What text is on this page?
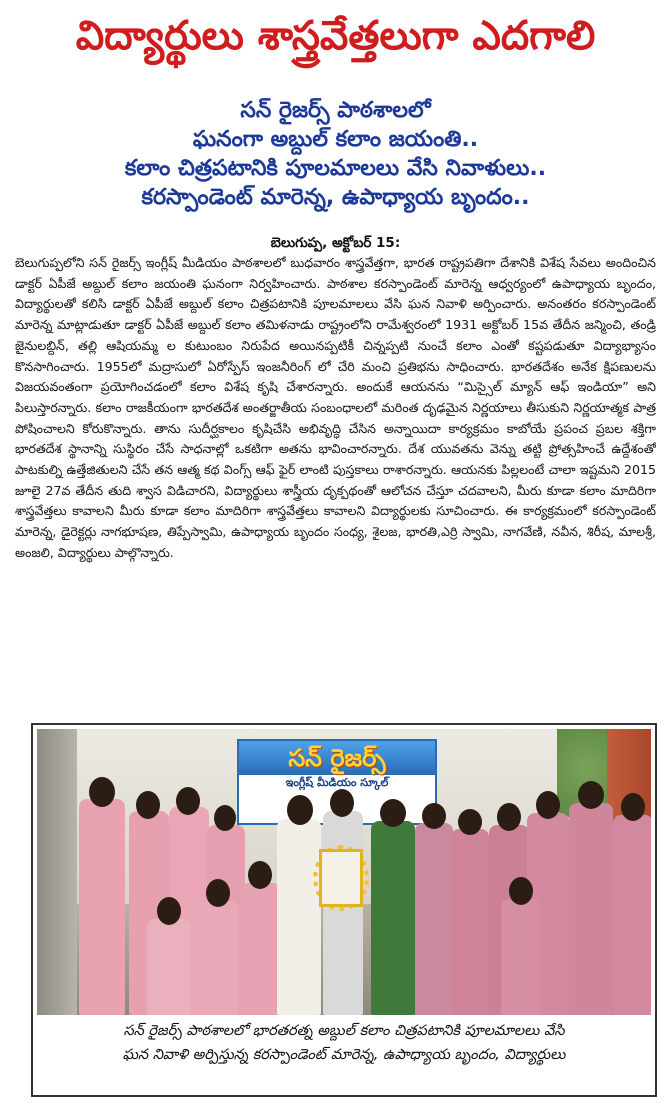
విద్యార్థులు శాస్త్రవేత్తలుగా ఎదగాలి
సన్ రైజర్స్ పాఠశాలలో
ఘనంగా అబ్దుల్ కలాం జయంతి..
కలాం చిత్రపటానికి పూలమాలలు వేసి నివాళులు..
కరస్పాండెంట్ మారెన్న, ఉపాధ్యాయ బృందం..
బెలుగుప్ప, అక్టోబర్ 15:

బెలుగుప్పలోని సన్ రైజర్స్ ఇంగ్లీష్ మీడియం పాఠశాలలో బుధవారం శాస్త్రవేత్తగా, భారత రాష్ట్రపతిగా దేశానికి విశేష సేవలు అందించిన డాక్టర్ ఏపీజే అబ్దుల్ కలాం జయంతి ఘనంగా నిర్వహించారు. పాఠశాల కరస్పాండెంట్ మారెన్న ఆధ్వర్యంలో ఉపాధ్యాయ బృందం, విద్యార్థులతో కలిసి డాక్టర్ ఏపీజే అబ్దుల్ కలాం చిత్రపటానికి పూలమాలలు వేసి ఘన నివాళి అర్పించారు. అనంతరం కరస్పాండెంట్ మారెన్న మాట్లాడుతూ డాక్టర్ ఏపీజే అబ్దుల్ కలాం తమిళనాడు రాష్ట్రంలోని రామేశ్వరంలో 1931 అక్టోబర్ 15వ తేదీన జన్మించి, తండ్రి జైనులబ్దిన్, తల్లి ఆషియమ్మ ల కుటుంబం నిరుపేద అయినప్పటికీ చిన్నప్పటి నుంచే కలాం ఎంతో కష్టపడుతూ విద్యాభ్యాసం కొనసాగించారు. 1955లో మద్రాసులో ఏరోస్పేస్ ఇంజనీరింగ్ లో చేరి మంచి ప్రతిభను సాధించారు. భారతదేశం అనేక క్షిపణులను విజయవంతంగా ప్రయోగించడంలో కలాం విశేష కృషి చేశారన్నారు. అందుకే ఆయనను “మిస్సైల్ మ్యాన్ ఆఫ్ ఇండియా” అని పిలుస్తారన్నారు. కలాం రాజకీయంగా భారతదేశ అంతర్జాతీయ సంబంధాలలో మరింత దృఢమైన నిర్ణయాలు తీసుకుని నిర్ణయాత్మక పాత్ర పోషించాలని కోరుకొన్నారు. తాను సుదీర్ఘకాలం కృషిచేసి అభివృద్ధి చేసిన అన్నాయిదా కార్యక్రమం కాబోయే ప్రపంచ ప్రబల శక్తిగా భారతదేశ స్థానాన్ని సుస్థిరం చేసే సాధనాల్లో ఒకటిగా అతను భావించారన్నారు. దేశ యువతను వెన్ను తట్టి ప్రోత్సహించే ఉద్దేశంతో పాటకుల్ని ఉత్తేజితులని చేసే తన ఆత్మ కథ వింగ్స్ ఆఫ్ ఫైర్ లాంటి పుస్తకాలు రాశారన్నారు. ఆయనకు పిల్లలంటే చాలా ఇష్టమని 2015 జూలై 27వ తేదీన తుది శ్వాస విడిచారని, విద్యార్థులు శాస్త్రీయ దృక్పథంతో ఆలోచన చేస్తూ చదవాలని, మీరు కూడా కలాం మాదిరిగా శాస్త్రవేత్తలు కావాలని మీరు కూడా కలాం మాదిరిగా శాస్త్రవేత్తలు కావాలని విద్యార్థులకు సూచించారు. ఈ కార్యక్రమంలో కరస్పాండెంట్ మారెన్న, డైరెక్టర్లు నాగభూషణ, తిప్పేస్వామి, ఉపాధ్యాయ బృందం సంధ్య, శైలజ, భారతి,ఎర్రి స్వామి, నాగవేణి, నవీన, శిరీష, మాలశ్రీ, అంజలి, విద్యార్థులు పాల్గొన్నారు.

సన్ రైజర్స్
ఇంగ్లీష్ మీడియం స్కూల్
సన్ రైజర్స్ పాఠశాలలో భారతరత్న అబ్దుల్ కలాం చిత్రపటానికి పూలమాలలు వేసి
ఘన నివాళి అర్పిస్తున్న కరస్పాండెంట్ మారెన్న, ఉపాధ్యాయ బృందం, విద్యార్థులు
